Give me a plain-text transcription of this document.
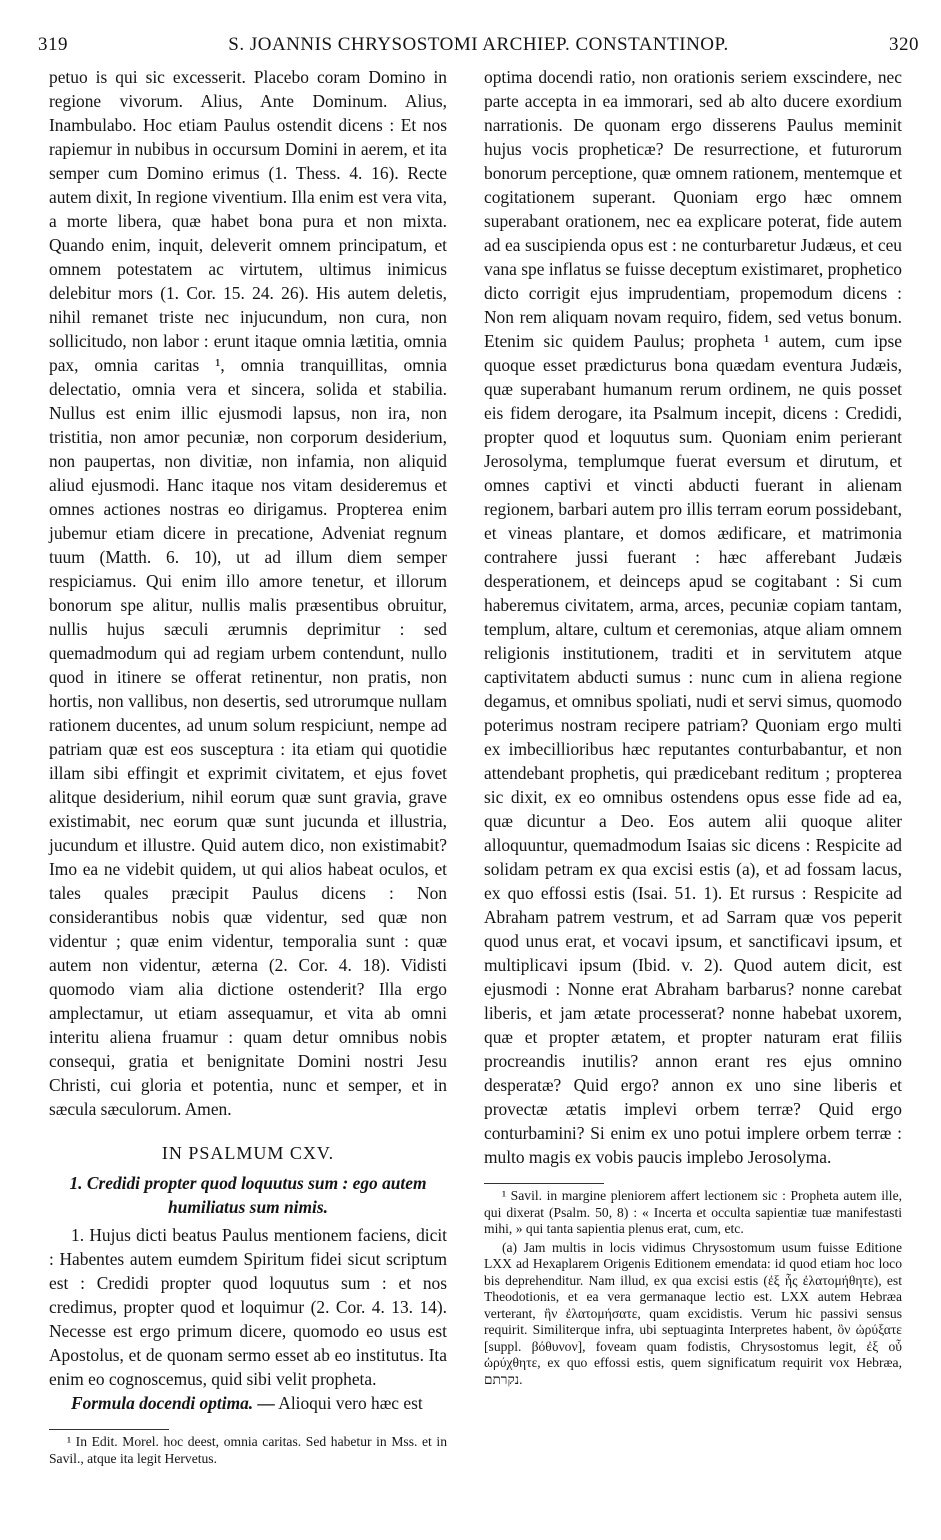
319	S. JOANNIS CHRYSOSTOMI ARCHIEP. CONSTANTINOP.	320

petuo is qui sic excesserit. Placebo coram Domino in regione vivorum. Alius, Ante Dominum. Alius, Inambulabo. Hoc etiam Paulus ostendit dicens : Et nos rapiemur in nubibus in occursum Domini in aerem, et ita semper cum Domino erimus (1. Thess. 4. 16). Recte autem dixit, In regione viventium. Illa enim est vera vita, a morte libera, quæ habet bona pura et non mixta. Quando enim, inquit, deleverit omnem principatum, et omnem potestatem ac virtutem, ultimus inimicus delebitur mors (1. Cor. 15. 24. 26). His autem deletis, nihil remanet triste nec injucundum, non cura, non sollicitudo, non labor : erunt itaque omnia lætitia, omnia pax, omnia caritas ¹, omnia tranquillitas, omnia delectatio, omnia vera et sincera, solida et stabilia. Nullus est enim illic ejusmodi lapsus, non ira, non tristitia, non amor pecuniæ, non corporum desiderium, non paupertas, non divitiæ, non infamia, non aliquid aliud ejusmodi. Hanc itaque nos vitam desideremus et omnes actiones nostras eo dirigamus. Propterea enim jubemur etiam dicere in precatione, Adveniat regnum tuum (Matth. 6. 10), ut ad illum diem semper respiciamus. Qui enim illo amore tenetur, et illorum bonorum spe alitur, nullis malis præsentibus obruitur, nullis hujus sæculi ærumnis deprimitur : sed quemadmodum qui ad regiam urbem contendunt, nullo quod in itinere se offerat retinentur, non pratis, non hortis, non vallibus, non desertis, sed utrorumque nullam rationem ducentes, ad unum solum respiciunt, nempe ad patriam quæ est eos susceptura : ita etiam qui quotidie illam sibi effingit et exprimit civitatem, et ejus fovet alitque desiderium, nihil eorum quæ sunt gravia, grave existimabit, nec eorum quæ sunt jucunda et illustria, jucundum et illustre. Quid autem dico, non existimabit? Imo ea ne videbit quidem, ut qui alios habeat oculos, et tales quales præcipit Paulus dicens : Non considerantibus nobis quæ videntur, sed quæ non videntur ; quæ enim videntur, temporalia sunt : quæ autem non videntur, æterna (2. Cor. 4. 18). Vidisti quomodo viam alia dictione ostenderit? Illa ergo amplectamur, ut etiam assequamur, et vita ab omni interitu aliena fruamur : quam detur omnibus nobis consequi, gratia et benignitate Domini nostri Jesu Christi, cui gloria et potentia, nunc et semper, et in sæcula sæculorum. Amen.

IN PSALMUM CXV.

1. Credidi propter quod loquutus sum : ego autem humiliatus sum nimis.

1. Hujus dicti beatus Paulus mentionem faciens, dicit : Habentes autem eumdem Spiritum fidei sicut scriptum est : Credidi propter quod loquutus sum : et nos credimus, propter quod et loquimur (2. Cor. 4. 13. 14). Necesse est ergo primum dicere, quomodo eo usus est Apostolus, et de quonam sermo esset ab eo institutus. Ita enim eo cognoscemus, quid sibi velit propheta.

Formula docendi optima. — Alioqui vero hæc est

¹ In Edit. Morel. hoc deest, omnia caritas. Sed habetur in Mss. et in Savil., atque ita legit Hervetus.

optima docendi ratio, non orationis seriem exscindere, nec parte accepta in ea immorari, sed ab alto ducere exordium narrationis. De quonam ergo disserens Paulus meminit hujus vocis propheticæ? De resurrectione, et futurorum bonorum perceptione, quæ omnem rationem, mentemque et cogitationem superant. Quoniam ergo hæc omnem superabant orationem, nec ea explicare poterat, fide autem ad ea suscipienda opus est : ne conturbaretur Judæus, et ceu vana spe inflatus se fuisse deceptum existimaret, prophetico dicto corrigit ejus imprudentiam, propemodum dicens : Non rem aliquam novam requiro, fidem, sed vetus bonum. Etenim sic quidem Paulus; propheta ¹ autem, cum ipse quoque esset prædicturus bona quædam eventura Judæis, quæ superabant humanum rerum ordinem, ne quis posset eis fidem derogare, ita Psalmum incepit, dicens : Credidi, propter quod et loquutus sum. Quoniam enim perierant Jerosolyma, templumque fuerat eversum et dirutum, et omnes captivi et vincti abducti fuerant in alienam regionem, barbari autem pro illis terram eorum possidebant, et vineas plantare, et domos ædificare, et matrimonia contrahere jussi fuerant : hæc afferebant Judæis desperationem, et deinceps apud se cogitabant : Si cum haberemus civitatem, arma, arces, pecuniæ copiam tantam, templum, altare, cultum et ceremonias, atque aliam omnem religionis institutionem, traditi et in servitutem atque captivitatem abducti sumus : nunc cum in aliena regione degamus, et omnibus spoliati, nudi et servi simus, quomodo poterimus nostram recipere patriam? Quoniam ergo multi ex imbecillioribus hæc reputantes conturbabantur, et non attendebant prophetis, qui prædicebant reditum ; propterea sic dixit, ex eo omnibus ostendens opus esse fide ad ea, quæ dicuntur a Deo. Eos autem alii quoque aliter alloquuntur, quemadmodum Isaias sic dicens : Respicite ad solidam petram ex qua excisi estis (a), et ad fossam lacus, ex quo effossi estis (Isai. 51. 1). Et rursus : Respicite ad Abraham patrem vestrum, et ad Sarram quæ vos peperit quod unus erat, et vocavi ipsum, et sanctificavi ipsum, et multiplicavi ipsum (Ibid. v. 2). Quod autem dicit, est ejusmodi : Nonne erat Abraham barbarus? nonne carebat liberis, et jam ætate processerat? nonne habebat uxorem, quæ et propter ætatem, et propter naturam erat filiis procreandis inutilis? annon erant res ejus omnino desperatæ? Quid ergo? annon ex uno sine liberis et provectæ ætatis implevi orbem terræ? Quid ergo conturbamini? Si enim ex uno potui implere orbem terræ : multo magis ex vobis paucis implebo Jerosolyma.

¹ Savil. in margine pleniorem affert lectionem sic : Propheta autem ille, qui dixerat (Psalm. 50, 8) : « Incerta et occulta sapientiæ tuæ manifestasti mihi, » qui tanta sapientia plenus erat, cum, etc.

(a) Jam multis in locis vidimus Chrysostomum usum fuisse Editione LXX ad Hexaplarem Origenis Editionem emendata: id quod etiam hoc loco bis deprehenditur. Nam illud, ex qua excisi estis (ἐξ ἧς ἐλατομήθητε), est Theodotionis, et ea vera germanaque lectio est. LXX autem Hebræa verterant, ἣν ἐλατομήσατε, quam excidistis. Verum hic passivi sensus requirit. Similiterque infra, ubi septuaginta Interpretes habent, ὃν ὠρύξατε [suppl. βόθυνον], foveam quam fodistis, Chrysostomus legit, ἐξ οὗ ὠρύχθητε, ex quo effossi estis, quem significatum requirit vox Hebræa, נקרתם.
